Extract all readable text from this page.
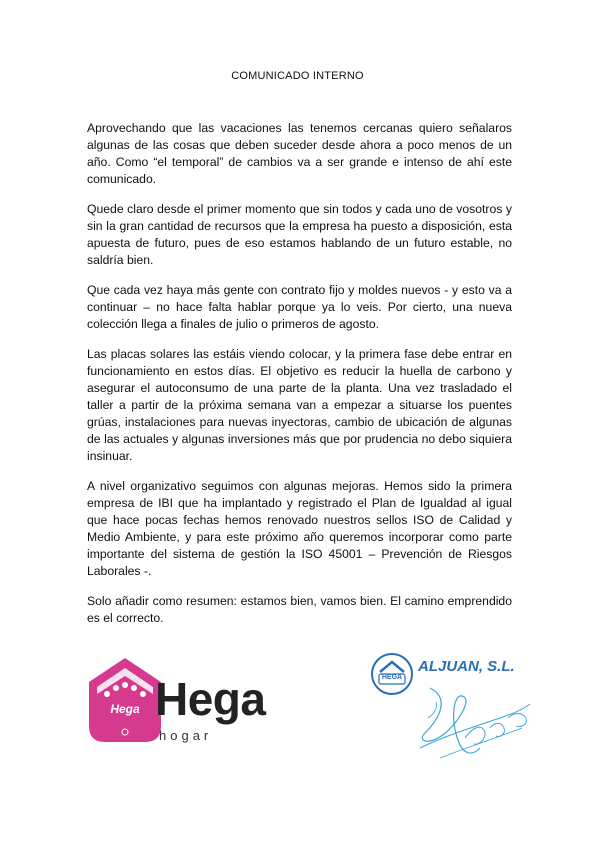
COMUNICADO INTERNO

Aprovechando que las vacaciones las tenemos cercanas quiero señalaros algunas de las cosas que deben suceder desde ahora a poco menos de un año. Como “el temporal” de cambios va a ser grande e intenso de ahí este comunicado.

Quede claro desde el primer momento que sin todos y cada uno de vosotros y sin la gran cantidad de recursos que la empresa ha puesto a disposición, esta apuesta de futuro, pues de eso estamos hablando de un futuro estable, no saldría bien.

Que cada vez haya más gente con contrato fijo y moldes nuevos - y esto va a continuar – no hace falta hablar porque ya lo veis. Por cierto, una nueva colección llega a finales de julio o primeros de agosto.

Las placas solares las estáis viendo colocar, y la primera fase debe entrar en funcionamiento en estos días. El objetivo es reducir la huella de carbono y asegurar el autoconsumo de una parte de la planta. Una vez trasladado el taller a partir de la próxima semana van a empezar a situarse los puentes grúas, instalaciones para nuevas inyectoras, cambio de ubicación de algunas de las actuales y algunas inversiones más que por prudencia no debo siquiera insinuar.

A nivel organizativo seguimos con algunas mejoras. Hemos sido la primera empresa de IBI que ha implantado y registrado el Plan de Igualdad al igual que hace pocas fechas hemos renovado nuestros sellos ISO de Calidad y Medio Ambiente, y para este próximo año queremos incorporar como parte importante del sistema de gestión la ISO 45001 – Prevención de Riesgos Laborales -.

Solo añadir como resumen: estamos bien, vamos bien. El camino emprendido es el correcto.

Hega Hega
hogar
HEGA
ALJUAN, S.L.
